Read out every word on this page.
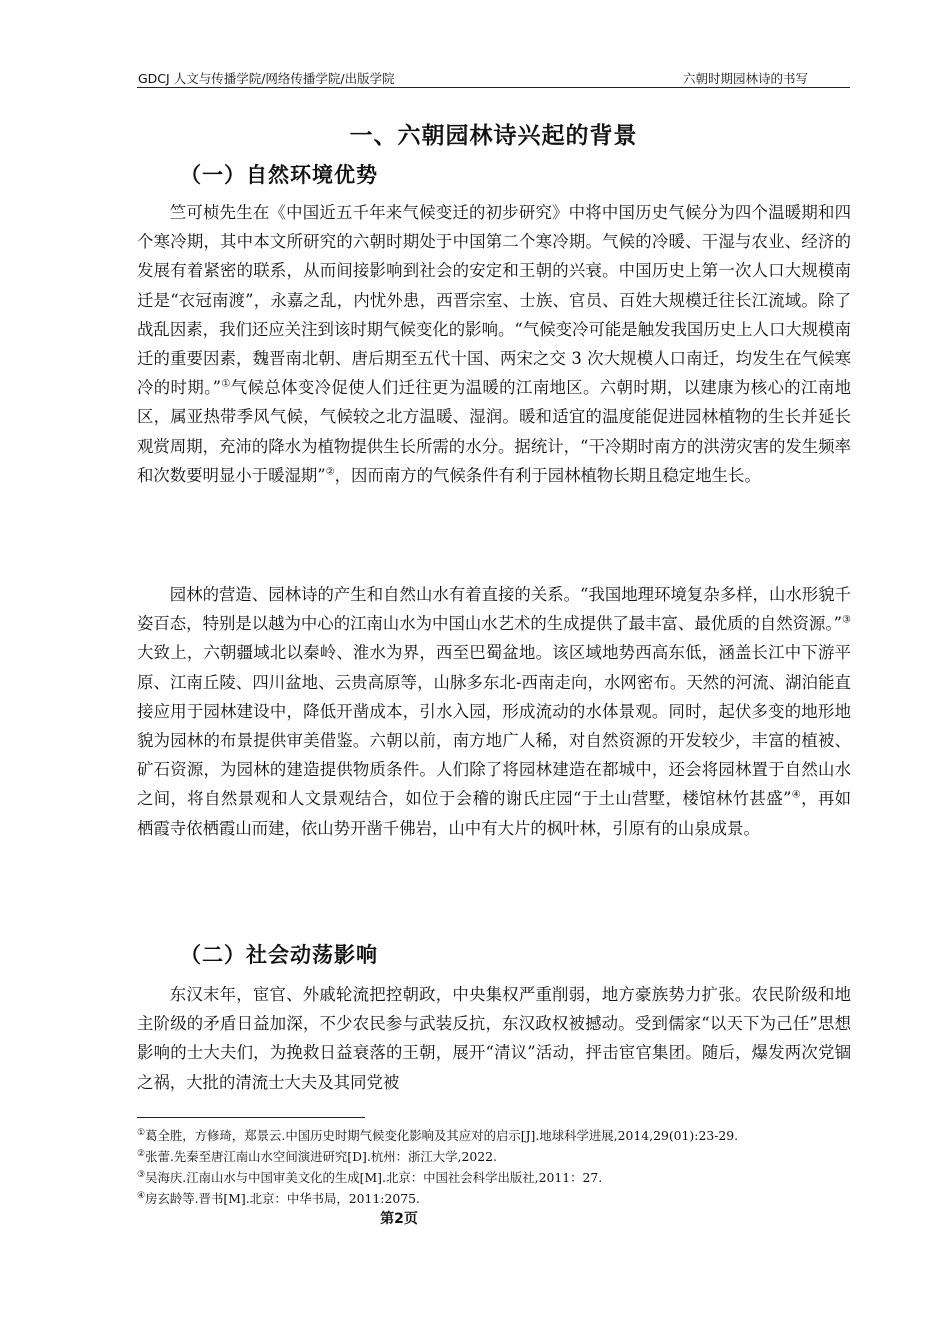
GDCJ 人文与传播学院/网络传播学院/出版学院	六朝时期园林诗的书写
一、六朝园林诗兴起的背景
（一）自然环境优势

竺可桢先生在《中国近五千年来气候变迁的初步研究》中将中国历史气候分为四个温暖期和四个寒冷期，其中本文所研究的六朝时期处于中国第二个寒冷期。气候的冷暖、干湿与农业、经济的发展有着紧密的联系，从而间接影响到社会的安定和王朝的兴衰。中国历史上第一次人口大规模南迁是“衣冠南渡”，永嘉之乱，内忧外患，西晋宗室、士族、官员、百姓大规模迁往长江流域。除了战乱因素，我们还应关注到该时期气候变化的影响。“气候变冷可能是触发我国历史上人口大规模南迁的重要因素，魏晋南北朝、唐后期至五代十国、两宋之交 3 次大规模人口南迁，均发生在气候寒冷的时期。”①气候总体变冷促使人们迁往更为温暖的江南地区。六朝时期，以建康为核心的江南地区，属亚热带季风气候，气候较之北方温暖、湿润。暖和适宜的温度能促进园林植物的生长并延长观赏周期，充沛的降水为植物提供生长所需的水分。据统计，“干冷期时南方的洪涝灾害的发生频率和次数要明显小于暖湿期”②，因而南方的气候条件有利于园林植物长期且稳定地生长。

园林的营造、园林诗的产生和自然山水有着直接的关系。“我国地理环境复杂多样，山水形貌千姿百态，特别是以越为中心的江南山水为中国山水艺术的生成提供了最丰富、最优质的自然资源。”③大致上，六朝疆域北以秦岭、淮水为界，西至巴蜀盆地。该区域地势西高东低，涵盖长江中下游平原、江南丘陵、四川盆地、云贵高原等，山脉多东北-西南走向，水网密布。天然的河流、湖泊能直接应用于园林建设中，降低开凿成本，引水入园，形成流动的水体景观。同时，起伏多变的地形地貌为园林的布景提供审美借鉴。六朝以前，南方地广人稀，对自然资源的开发较少，丰富的植被、矿石资源，为园林的建造提供物质条件。人们除了将园林建造在都城中，还会将园林置于自然山水之间，将自然景观和人文景观结合，如位于会稽的谢氏庄园“于土山营墅，楼馆林竹甚盛”④，再如栖霞寺依栖霞山而建，依山势开凿千佛岩，山中有大片的枫叶林，引原有的山泉成景。

（二）社会动荡影响

东汉末年，宦官、外戚轮流把控朝政，中央集权严重削弱，地方豪族势力扩张。农民阶级和地主阶级的矛盾日益加深，不少农民参与武装反抗，东汉政权被撼动。受到儒家“以天下为己任”思想影响的士大夫们，为挽救日益衰落的王朝，展开“清议”活动，抨击宦官集团。随后，爆发两次党锢之祸，大批的清流士大夫及其同党被

①葛全胜，方修琦，郑景云.中国历史时期气候变化影响及其应对的启示[J].地球科学进展,2014,29(01):23-29.

②张蕾.先秦至唐江南山水空间演进研究[D].杭州：浙江大学,2022.

③吴海庆.江南山水与中国审美文化的生成[M].北京：中国社会科学出版社,2011：27.

④房玄龄等.晋书[M].北京：中华书局，2011:2075.

第2页
